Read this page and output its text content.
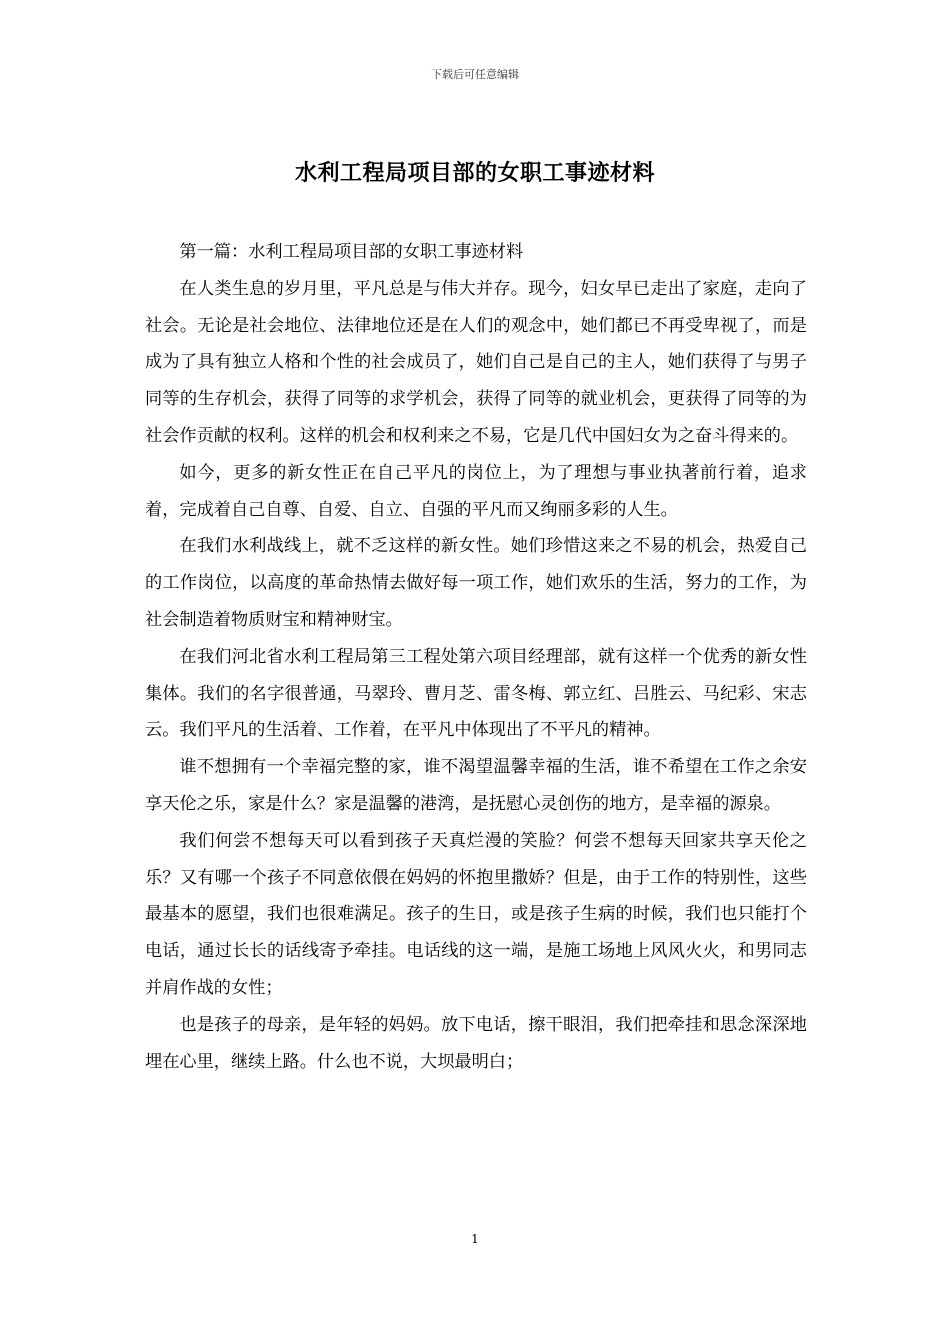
下载后可任意编辑
水利工程局项目部的女职工事迹材料

第一篇：水利工程局项目部的女职工事迹材料

在人类生息的岁月里，平凡总是与伟大并存。现今，妇女早已走出了家庭，走向了社会。无论是社会地位、法律地位还是在人们的观念中，她们都已不再受卑视了，而是成为了具有独立人格和个性的社会成员了，她们自己是自己的主人，她们获得了与男子同等的生存机会，获得了同等的求学机会，获得了同等的就业机会，更获得了同等的为社会作贡献的权利。这样的机会和权利来之不易，它是几代中国妇女为之奋斗得来的。

如今，更多的新女性正在自己平凡的岗位上，为了理想与事业执著前行着，追求着，完成着自己自尊、自爱、自立、自强的平凡而又绚丽多彩的人生。

在我们水利战线上，就不乏这样的新女性。她们珍惜这来之不易的机会，热爱自己的工作岗位，以高度的革命热情去做好每一项工作，她们欢乐的生活，努力的工作，为社会制造着物质财宝和精神财宝。

在我们河北省水利工程局第三工程处第六项目经理部，就有这样一个优秀的新女性集体。我们的名字很普通，马翠玲、曹月芝、雷冬梅、郭立红、吕胜云、马纪彩、宋志云。我们平凡的生活着、工作着，在平凡中体现出了不平凡的精神。

谁不想拥有一个幸福完整的家，谁不渴望温馨幸福的生活，谁不希望在工作之余安享天伦之乐，家是什么？家是温馨的港湾，是抚慰心灵创伤的地方，是幸福的源泉。

我们何尝不想每天可以看到孩子天真烂漫的笑脸？何尝不想每天回家共享天伦之乐？又有哪一个孩子不同意依偎在妈妈的怀抱里撒娇？但是，由于工作的特别性，这些最基本的愿望，我们也很难满足。孩子的生日，或是孩子生病的时候，我们也只能打个电话，通过长长的话线寄予牵挂。电话线的这一端，是施工场地上风风火火，和男同志并肩作战的女性；

也是孩子的母亲，是年轻的妈妈。放下电话，擦干眼泪，我们把牵挂和思念深深地埋在心里，继续上路。什么也不说，大坝最明白；

1
